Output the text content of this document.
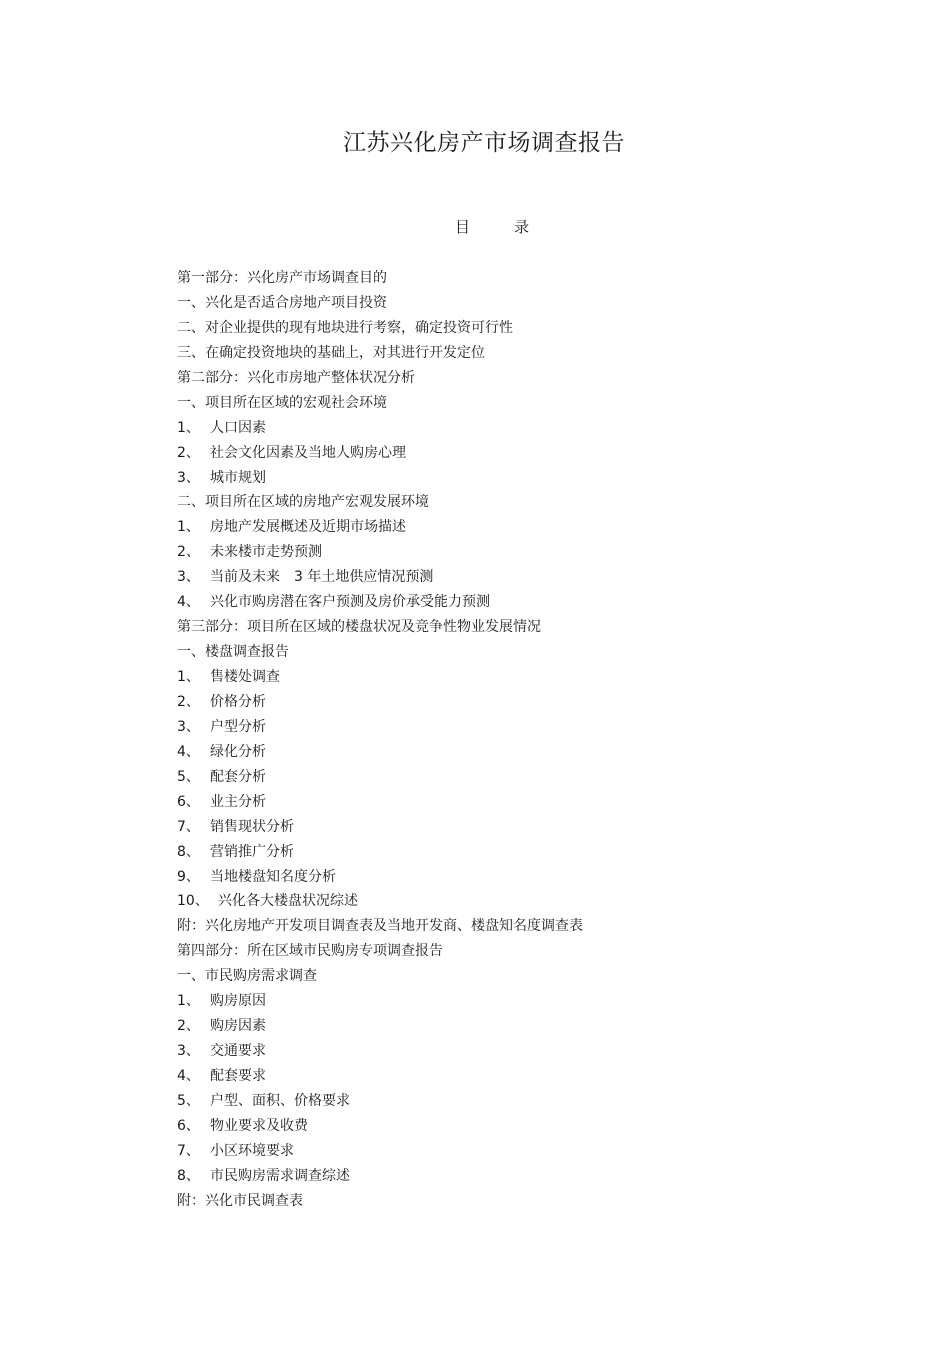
江苏兴化房产市场调查报告
目	录
第一部分：兴化房产市场调查目的
一、兴化是否适合房地产项目投资
二、对企业提供的现有地块进行考察，确定投资可行性
三、在确定投资地块的基础上，对其进行开发定位
第二部分：兴化市房地产整体状况分析
一、项目所在区域的宏观社会环境
1、 人口因素
2、 社会文化因素及当地人购房心理
3、 城市规划
二、项目所在区域的房地产宏观发展环境
1、 房地产发展概述及近期市场描述
2、 未来楼市走势预测
3、 当前及未来　3 年土地供应情况预测
4、 兴化市购房潜在客户预测及房价承受能力预测
第三部分：项目所在区域的楼盘状况及竞争性物业发展情况
一、楼盘调查报告
1、 售楼处调查
2、 价格分析
3、 户型分析
4、 绿化分析
5、 配套分析
6、 业主分析
7、 销售现状分析
8、 营销推广分析
9、 当地楼盘知名度分析
10、 兴化各大楼盘状况综述
附：兴化房地产开发项目调查表及当地开发商、楼盘知名度调查表
第四部分：所在区域市民购房专项调查报告
一、市民购房需求调查
1、 购房原因
2、 购房因素
3、 交通要求
4、 配套要求
5、 户型、面积、价格要求
6、 物业要求及收费
7、 小区环境要求
8、 市民购房需求调查综述
附：兴化市民调查表
